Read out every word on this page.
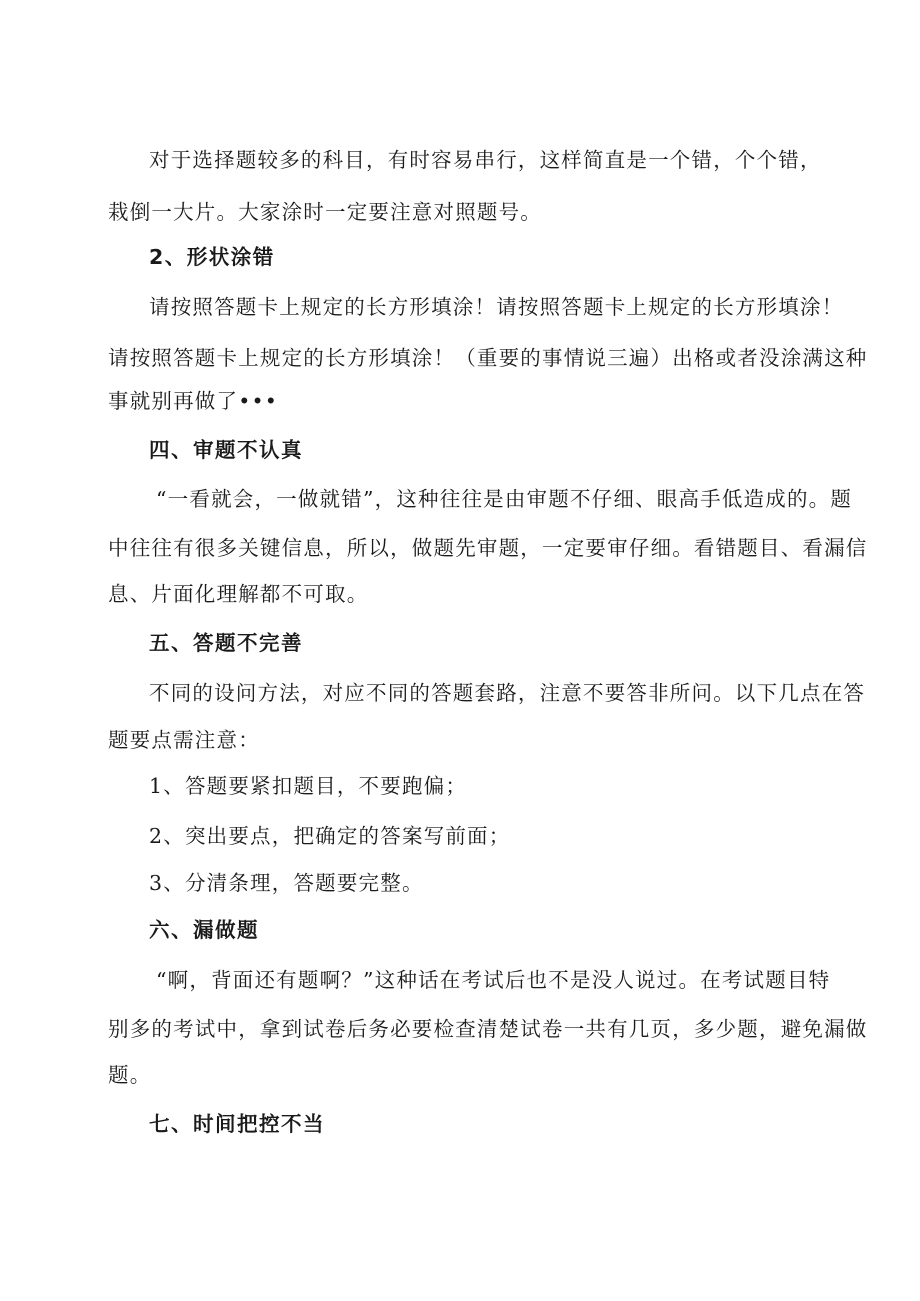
对于选择题较多的科目，有时容易串行，这样简直是一个错，个个错，
栽倒一大片。大家涂时一定要注意对照题号。
2、形状涂错
请按照答题卡上规定的长方形填涂！请按照答题卡上规定的长方形填涂！
请按照答题卡上规定的长方形填涂！（重要的事情说三遍）出格或者没涂满这种
事就别再做了•••
四、审题不认真
“一看就会，一做就错”，这种往往是由审题不仔细、眼高手低造成的。题
中往往有很多关键信息，所以，做题先审题，一定要审仔细。看错题目、看漏信
息、片面化理解都不可取。
五、答题不完善
不同的设问方法，对应不同的答题套路，注意不要答非所问。以下几点在答
题要点需注意：
1、答题要紧扣题目，不要跑偏；
2、突出要点，把确定的答案写前面；
3、分清条理，答题要完整。
六、漏做题
“啊，背面还有题啊？”这种话在考试后也不是没人说过。在考试题目特
别多的考试中，拿到试卷后务必要检查清楚试卷一共有几页，多少题，避免漏做
题。
七、时间把控不当
